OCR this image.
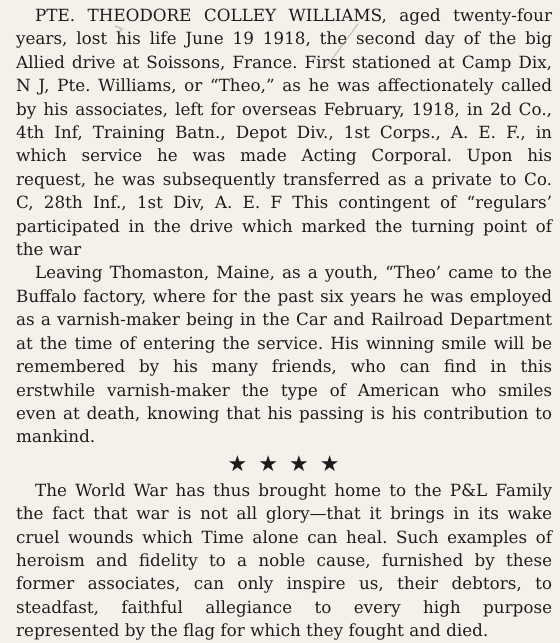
PTE. THEODORE COLLEY WILLIAMS, aged twenty-four years, lost his life June 19 1918, the second day of the big Allied drive at Soissons, France. First stationed at Camp Dix, N J, Pte. Williams, or “Theo,” as he was affectionately called by his associates, left for overseas February, 1918, in 2d Co., 4th Inf, Training Batn., Depot Div., 1st Corps., A. E. F., in which service he was made Acting Corporal. Upon his request, he was subsequently transferred as a private to Co. C, 28th Inf., 1st Div, A. E. F This contingent of “regulars’ participated in the drive which marked the turning point of the war

Leaving Thomaston, Maine, as a youth, “Theo’ came to the Buffalo factory, where for the past six years he was employed as a varnish-maker being in the Car and Railroad Department at the time of entering the service. His winning smile will be remembered by his many friends, who can find in this erstwhile varnish-maker the type of American who smiles even at death, knowing that his passing is his contribution to mankind.

★★★★

The World War has thus brought home to the P&L Family the fact that war is not all glory—that it brings in its wake cruel wounds which Time alone can heal. Such examples of heroism and fidelity to a noble cause, furnished by these former associates, can only inspire us, their debtors, to steadfast, faithful allegiance to every high purpose represented by the flag for which they fought and died.
